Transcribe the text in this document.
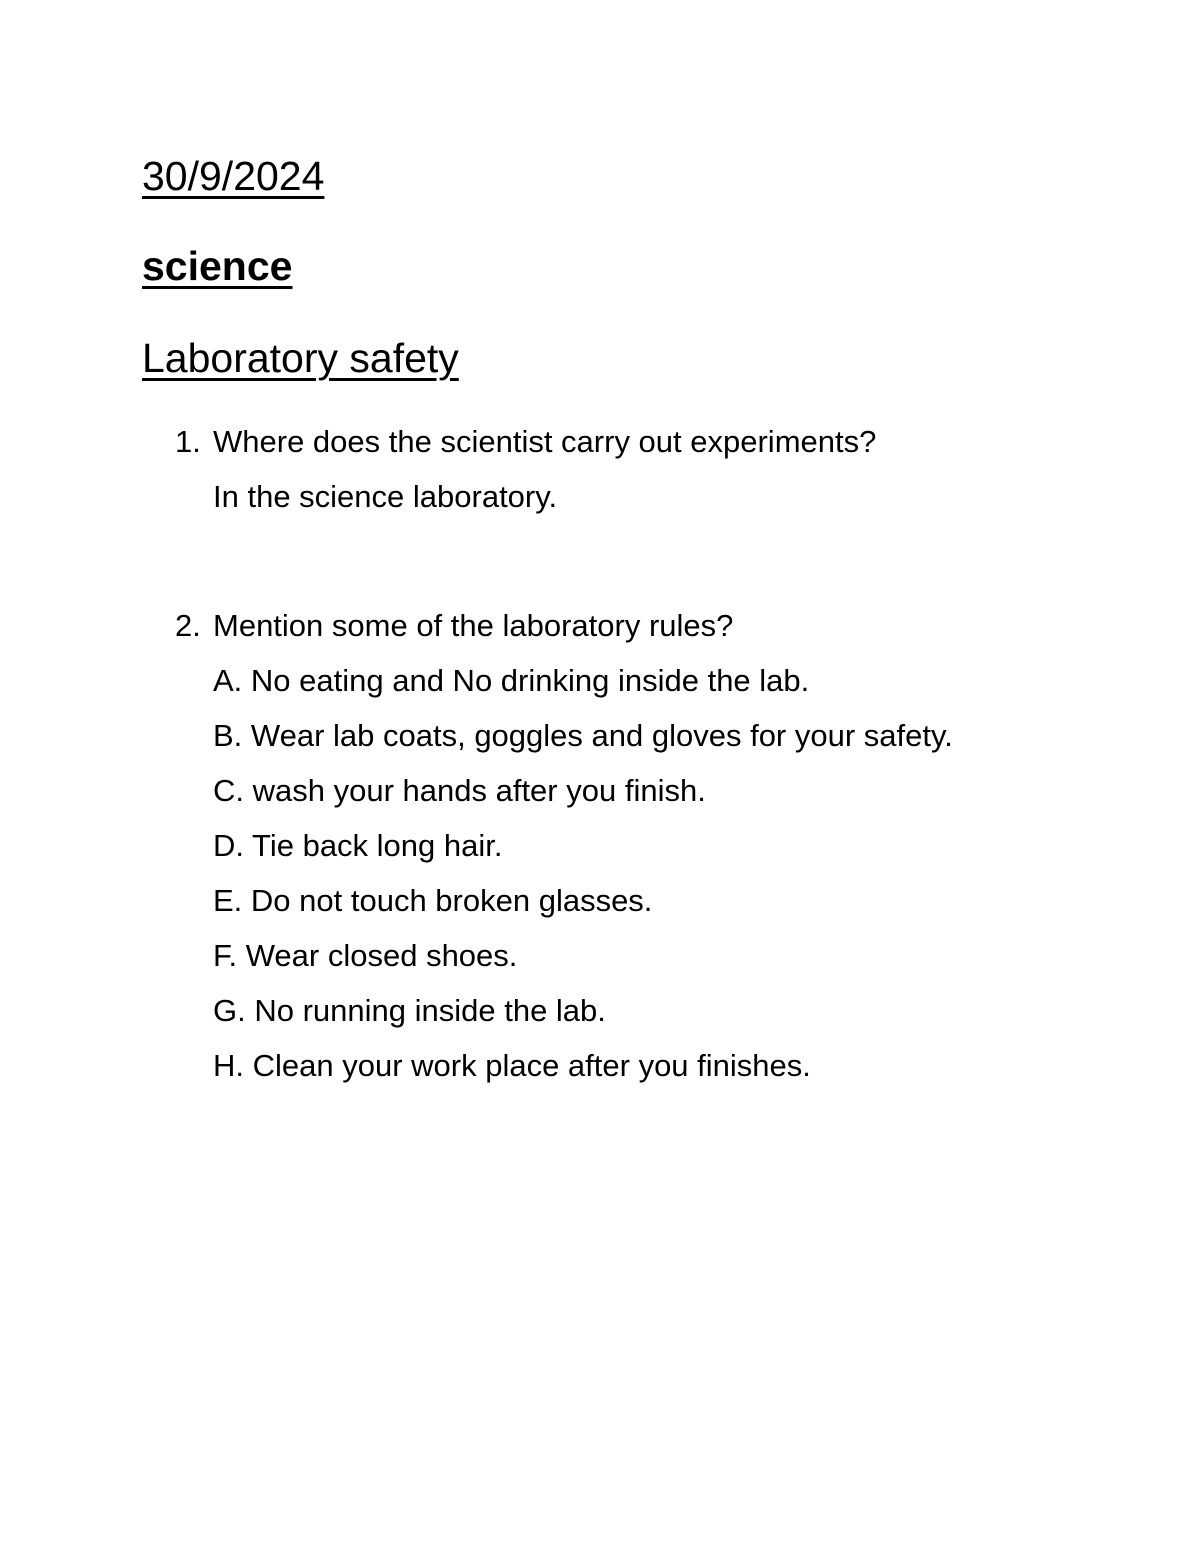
30/9/2024
science
Laboratory safety
1. Where does the scientist carry out experiments?
In the science laboratory.
2. Mention some of the laboratory rules?
A. No eating and No drinking inside the lab.
B. Wear lab coats, goggles and gloves for your safety.
C. wash your hands after you finish.
D. Tie back long hair.
E. Do not touch broken glasses.
F. Wear closed shoes.
G. No running inside the lab.
H. Clean your work place after you finishes.
